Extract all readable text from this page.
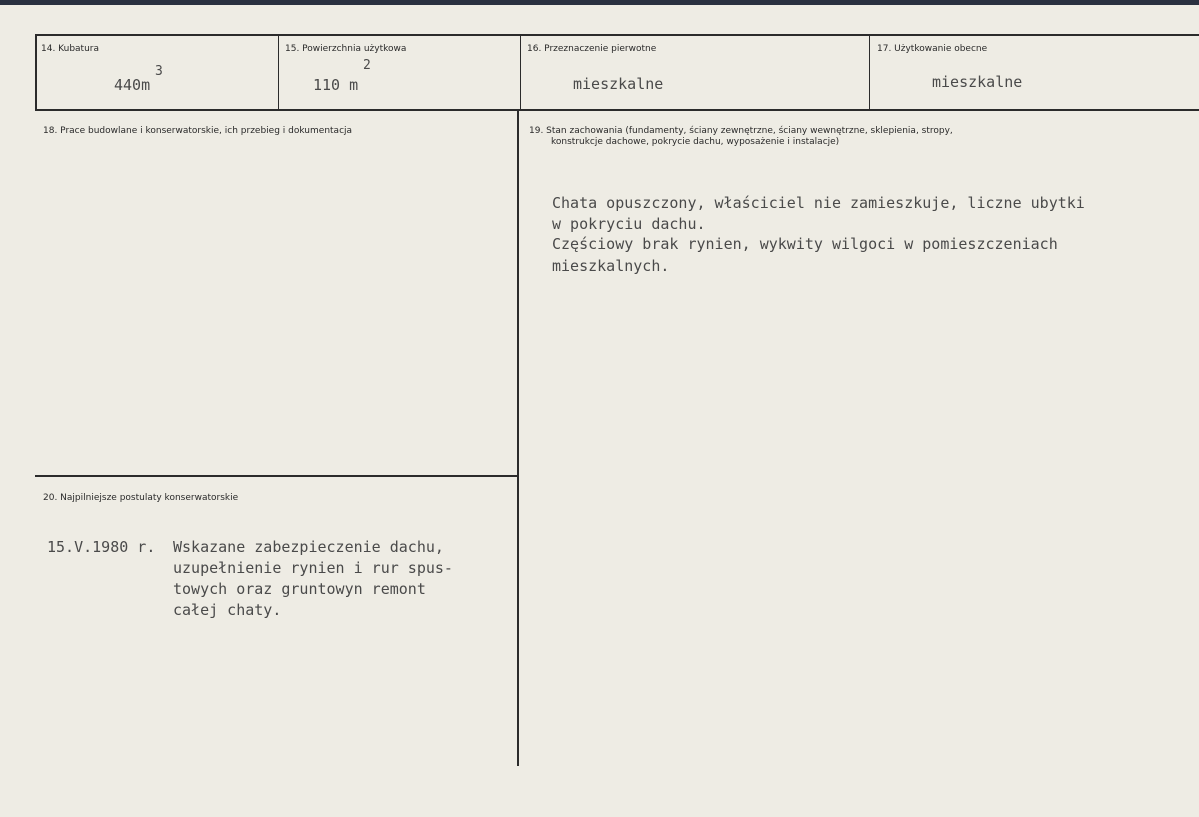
14. Kubatura
440m
3
15. Powierzchnia użytkowa
110 m
2
16. Przeznaczenie pierwotne
mieszkalne
17. Użytkowanie obecne
mieszkalne
18. Prace budowlane i konserwatorskie, ich przebieg i dokumentacja	19. Stan zachowania (fundamenty, ściany zewnętrzne, ściany wewnętrzne, sklepienia, stropy,
konstrukcje dachowe, pokrycie dachu, wyposażenie i instalacje)
Chata opuszczony, właściciel nie zamieszkuje, liczne ubytki
w pokryciu dachu.
Częściowy brak rynien, wykwity wilgoci w pomieszczeniach
mieszkalnych.
20. Najpilniejsze postulaty konserwatorskie
15.V.1980 r. Wskazane zabezpieczenie dachu,
uzupełnienie rynien i rur spus-
towych oraz gruntowyn remont
całej chaty.
